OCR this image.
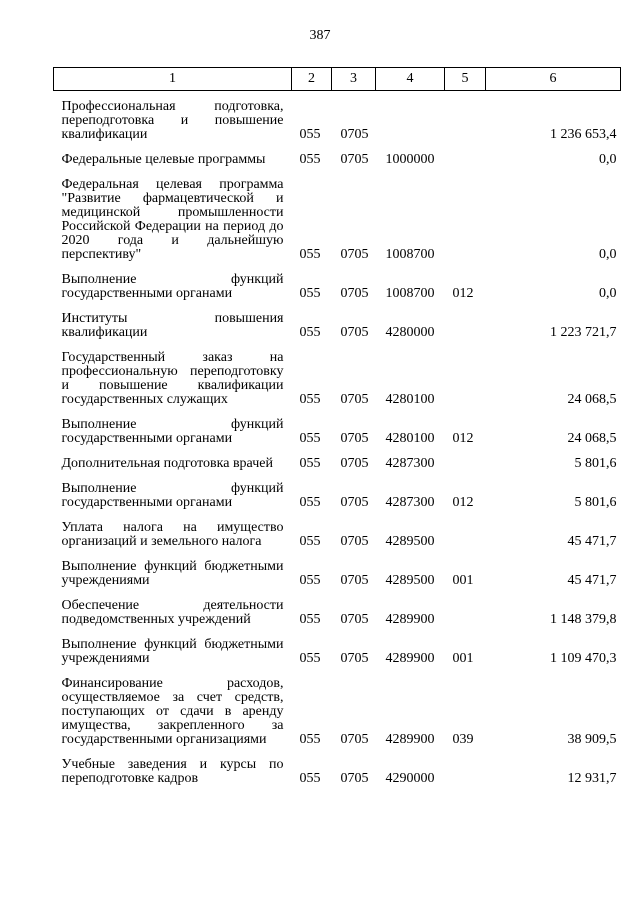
387
1	2	3	4	5	6
Профессиональная подготовка, переподготовка и повышение квалификации	055	0705			1 236 653,4
Федеральные целевые программы	055	0705	1000000		0,0
Федеральная целевая программа "Развитие фармацевтической и медицинской промышленности Российской Федерации на период до 2020 года и дальнейшую перспективу"	055	0705	1008700		0,0
Выполнение функций государственными органами	055	0705	1008700	012	0,0
Институты повышения квалификации	055	0705	4280000		1 223 721,7
Государственный заказ на профессиональную переподготовку и повышение квалификации государственных служащих	055	0705	4280100		24 068,5
Выполнение функций государственными органами	055	0705	4280100	012	24 068,5
Дополнительная подготовка врачей	055	0705	4287300		5 801,6
Выполнение функций государственными органами	055	0705	4287300	012	5 801,6
Уплата налога на имущество организаций и земельного налога	055	0705	4289500		45 471,7
Выполнение функций бюджетными учреждениями	055	0705	4289500	001	45 471,7
Обеспечение деятельности подведомственных учреждений	055	0705	4289900		1 148 379,8
Выполнение функций бюджетными учреждениями	055	0705	4289900	001	1 109 470,3
Финансирование расходов, осуществляемое за счет средств, поступающих от сдачи в аренду имущества, закрепленного за государственными организациями	055	0705	4289900	039	38 909,5
Учебные заведения и курсы по переподготовке кадров	055	0705	4290000		12 931,7
